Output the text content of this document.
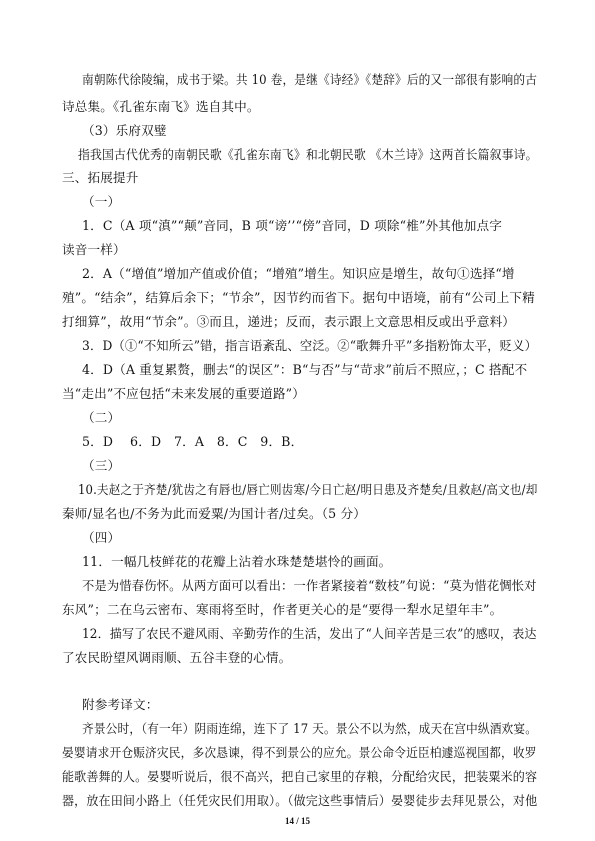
南朝陈代徐陵编，成书于梁。共 10 卷，是继《诗经》《楚辞》后的又一部很有影响的古
诗总集。《孔雀东南飞》选自其中。
（3）乐府双璧
指我国古代优秀的南朝民歌《孔雀东南飞》和北朝民歌 《木兰诗》这两首长篇叙事诗。
三、拓展提升
（一）
1．C（A 项“滇”“颠”音同，B 项“谤’’“傍”音同，D 项除“椎”外其他加点字
读音一样）
2．A（“增值”增加产值或价值；“增殖”增生。知识应是增生，故句①选择“增
殖”。“结余”，结算后余下；“节余”，因节约而省下。据句中语境，前有“公司上下精
打细算”，故用“节余”。③而且，递进；反而，表示跟上文意思相反或出乎意料）
3．D（①“不知所云”错，指言语紊乱、空泛。②“歌舞升平”多指粉饰太平，贬义）
4．D（A 重复累赘，删去“的误区”：B“与否”与“苛求”前后不照应，；C 搭配不
当“走出”不应包括“未来发展的重要道路”）
（二）
5．D　 6．D　7．A　8．C　9．B．
（三）
10.夫赵之于齐楚/犹齿之有唇也/唇亡则齿寒/今日亡赵/明日患及齐楚矣/且救赵/高文也/却
秦师/显名也/不务为此而爱粟/为国计者/过矣。（5 分）
（四）
11．一幅几枝鲜花的花瓣上沾着水珠楚楚堪怜的画面。
不是为惜春伤怀。从两方面可以看出：一作者紧接着“数枝”句说：“莫为惜花惆怅对
东风”；二在乌云密布、寒雨将至时，作者更关心的是“要得一犁水足望年丰”。
12．描写了农民不避风雨、辛勤劳作的生活，发出了“人间辛苦是三农”的感叹，表达
了农民盼望风调雨顺、五谷丰登的心情。
附参考译文：
齐景公时，（有一年）阴雨连绵，连下了 17 天。景公不以为然，成天在宫中纵酒欢宴。
晏婴请求开仓赈济灾民，多次恳谏，得不到景公的应允。景公命令近臣柏遽巡视国都，收罗
能歌善舞的人。晏婴听说后，很不高兴，把自己家里的存粮，分配给灾民，把装粟米的容
器，放在田间小路上（任凭灾民们用取）。（做完这些事情后）晏婴徒步去拜见景公，对他
14 / 15
